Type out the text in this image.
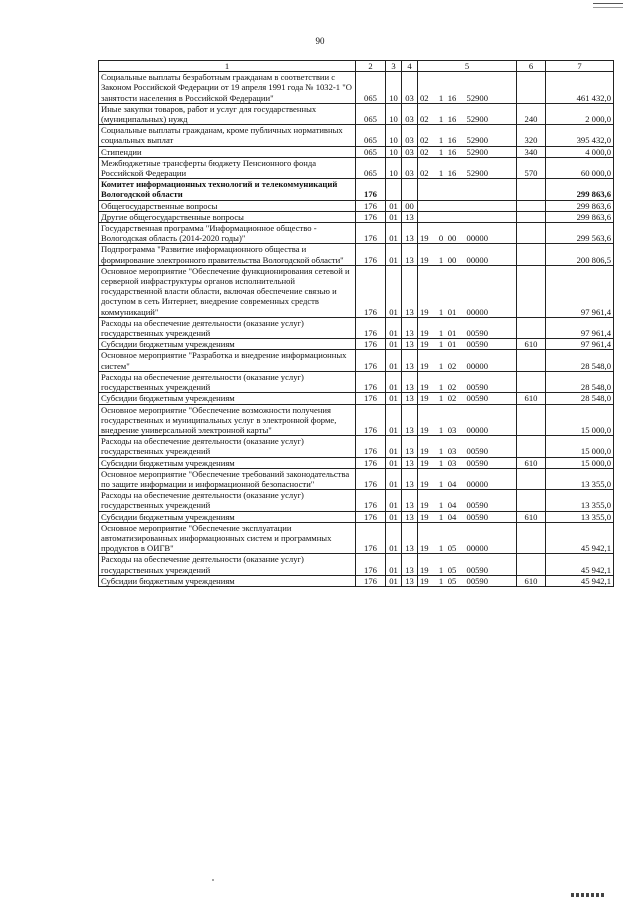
90
1	2	3	4	5	6	7
Социальные выплаты безработным гражданам в соответствии с Законом Российской Федерации от 19 апреля 1991 года № 1032-1 "О занятости населения в Российской Федерации"	065	10	03	02 1 16 52900		461 432,0
Иные закупки товаров, работ и услуг для государственных (муниципальных) нужд	065	10	03	02 1 16 52900	240	2 000,0
Социальные выплаты гражданам, кроме публичных нормативных социальных выплат	065	10	03	02 1 16 52900	320	395 432,0
Стипендии	065	10	03	02 1 16 52900	340	4 000,0
Межбюджетные трансферты бюджету Пенсионного фонда Российской Федерации	065	10	03	02 1 16 52900	570	60 000,0
Комитет информационных технологий и телекоммуникаций Вологодской области	176					299 863,6
Общегосударственные вопросы	176	01	00			299 863,6
Другие общегосударственные вопросы	176	01	13			299 863,6
Государственная программа "Информационное общество - Вологодская область (2014-2020 годы)"	176	01	13	19 0 00 00000		299 563,6
Подпрограмма "Развитие информационного общества и формирование электронного правительства Вологодской области"	176	01	13	19 1 00 00000		200 806,5
Основное мероприятие "Обеспечение функционирования сетевой и серверной инфраструктуры органов исполнительной государственной власти области, включая обеспечение связью и доступом в сеть Интернет, внедрение современных средств коммуникаций"	176	01	13	19 1 01 00000		97 961,4
Расходы на обеспечение деятельности (оказание услуг) государственных учреждений	176	01	13	19 1 01 00590		97 961,4
Субсидии бюджетным учреждениям	176	01	13	19 1 01 00590	610	97 961,4
Основное мероприятие "Разработка и внедрение информационных систем"	176	01	13	19 1 02 00000		28 548,0
Расходы на обеспечение деятельности (оказание услуг) государственных учреждений	176	01	13	19 1 02 00590		28 548,0
Субсидии бюджетным учреждениям	176	01	13	19 1 02 00590	610	28 548,0
Основное мероприятие "Обеспечение возможности получения государственных и муниципальных услуг в электронной форме, внедрение универсальной электронной карты"	176	01	13	19 1 03 00000		15 000,0
Расходы на обеспечение деятельности (оказание услуг) государственных учреждений	176	01	13	19 1 03 00590		15 000,0
Субсидии бюджетным учреждениям	176	01	13	19 1 03 00590	610	15 000,0
Основное мероприятие "Обеспечение требований законодательства по защите информации и информационной безопасности"	176	01	13	19 1 04 00000		13 355,0
Расходы на обеспечение деятельности (оказание услуг) государственных учреждений	176	01	13	19 1 04 00590		13 355,0
Субсидии бюджетным учреждениям	176	01	13	19 1 04 00590	610	13 355,0
Основное мероприятие "Обеспечение эксплуатации автоматизированных информационных систем и программных продуктов в ОИГВ"	176	01	13	19 1 05 00000		45 942,1
Расходы на обеспечение деятельности (оказание услуг) государственных учреждений	176	01	13	19 1 05 00590		45 942,1
Субсидии бюджетным учреждениям	176	01	13	19 1 05 00590	610	45 942,1
